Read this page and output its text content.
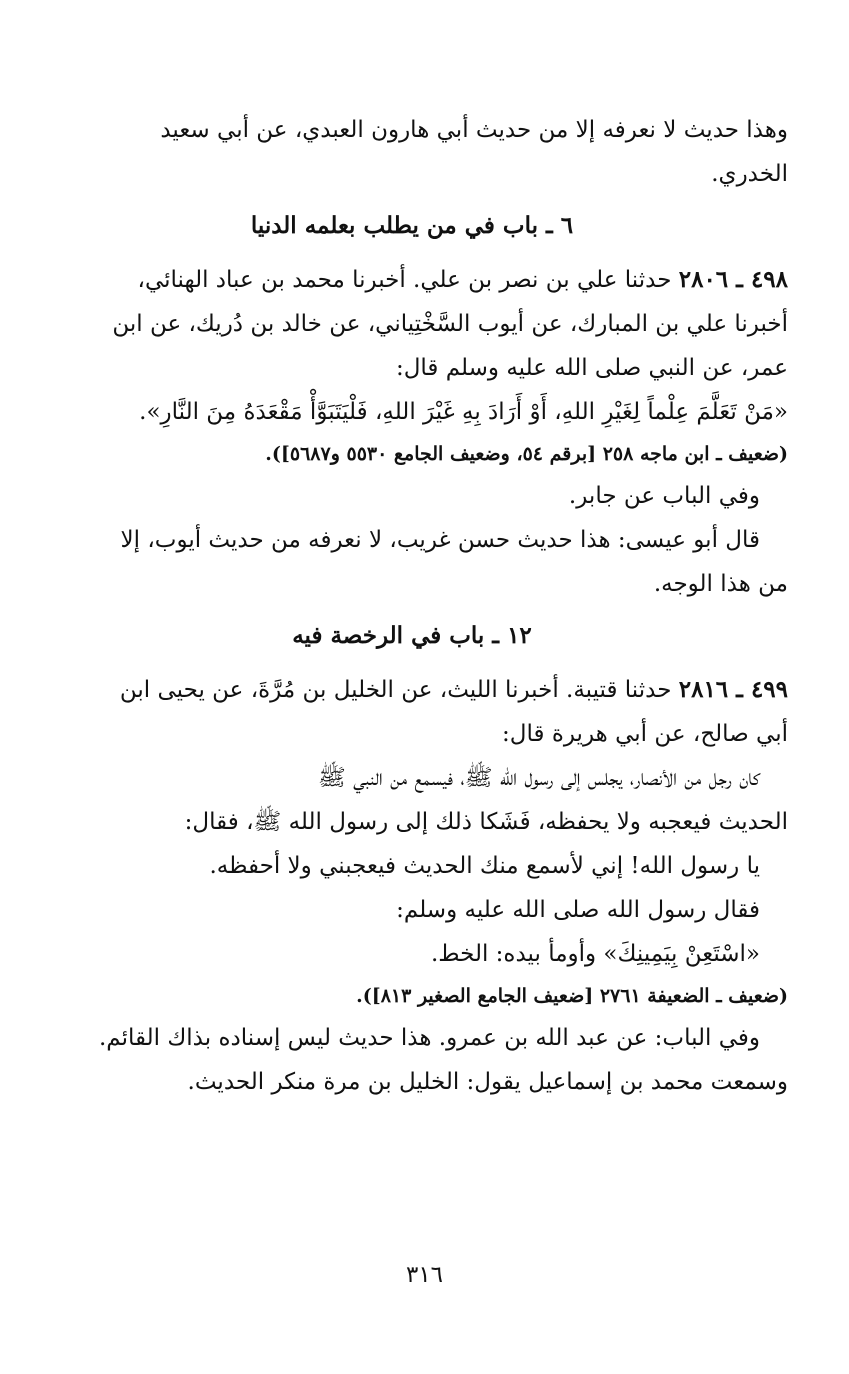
وهذا حديث لا نعرفه إلا من حديث أبي هارون العبدي، عن أبي سعيد

الخدري.

٦ ـ باب في من يطلب بعلمه الدنيا

٤٩٨ ـ ٢٨٠٦ حدثنا علي بن نصر بن علي. أخبرنا محمد بن عباد الهنائي،

أخبرنا علي بن المبارك، عن أيوب السَّخْتِياني، عن خالد بن دُريك، عن ابن

عمر، عن النبي صلى الله عليه وسلم قال:

«مَنْ تَعَلَّمَ عِلْماً لِغَيْرِ اللهِ، أَوْ أَرَادَ بِهِ غَيْرَ اللهِ، فَلْيَتَبَوَّأْ مَقْعَدَهُ مِنَ النَّارِ».

(ضعيف ـ ابن ماجه ٢٥٨ [برقم ٥٤، وضعيف الجامع ٥٥٣٠ و٥٦٨٧]).

وفي الباب عن جابر.

قال أبو عيسى: هذا حديث حسن غريب، لا نعرفه من حديث أيوب، إلا

من هذا الوجه.

١٢ ـ باب في الرخصة فيه

٤٩٩ ـ ٢٨١٦ حدثنا قتيبة. أخبرنا الليث، عن الخليل بن مُرَّةَ، عن يحيى ابن

أبي صالح، عن أبي هريرة قال:

كان رجل من الأنصار، يجلس إلى رسول الله ﷺ، فيسمع من النبي ﷺ

الحديث فيعجبه ولا يحفظه، فَشَكا ذلك إلى رسول الله ﷺ، فقال:

يا رسول الله! إني لأسمع منك الحديث فيعجبني ولا أحفظه.

فقال رسول الله صلى الله عليه وسلم:

«اسْتَعِنْ بِيَمِينِكَ» وأومأ بيده: الخط.

(ضعيف ـ الضعيفة ٢٧٦١ [ضعيف الجامع الصغير ٨١٣]).

وفي الباب: عن عبد الله بن عمرو. هذا حديث ليس إسناده بذاك القائم.

وسمعت محمد بن إسماعيل يقول: الخليل بن مرة منكر الحديث.

٣١٦
